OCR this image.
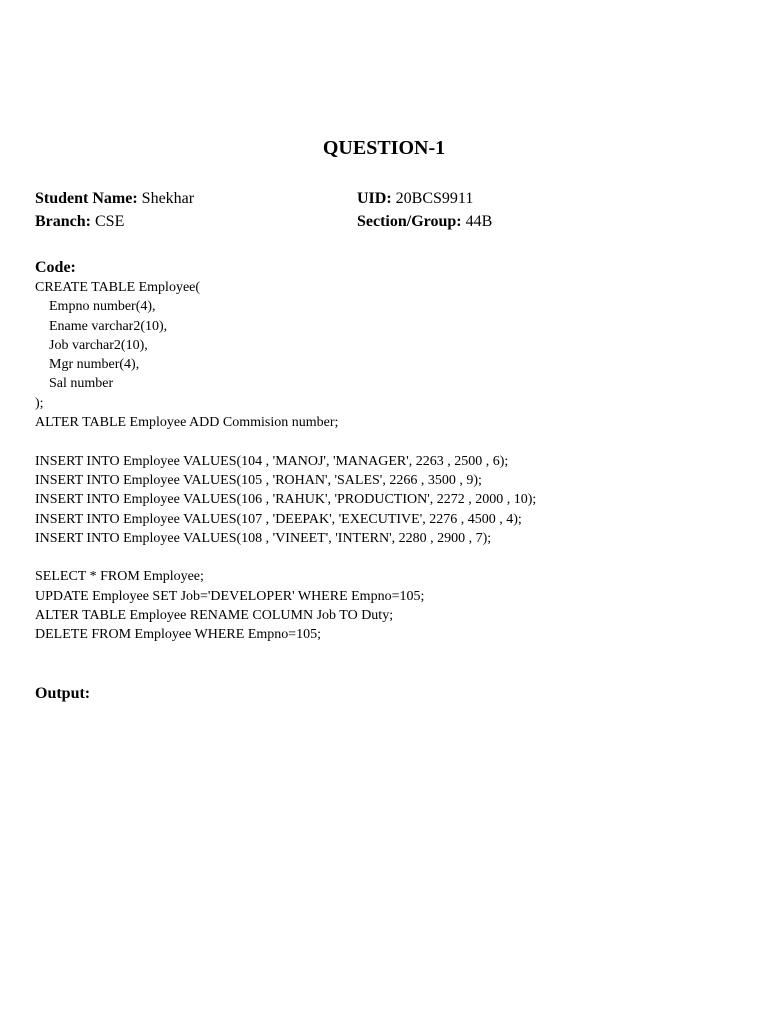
QUESTION-1
Student Name: Shekhar	UID: 20BCS9911
Branch: CSE	Section/Group: 44B
Code:
CREATE TABLE Employee(
Empno number(4),
Ename varchar2(10),
Job varchar2(10),
Mgr number(4),
Sal number
);
ALTER TABLE Employee ADD Commision number;
INSERT INTO Employee VALUES(104 , 'MANOJ', 'MANAGER', 2263 , 2500 , 6);
INSERT INTO Employee VALUES(105 , 'ROHAN', 'SALES', 2266 , 3500 , 9);
INSERT INTO Employee VALUES(106 , 'RAHUK', 'PRODUCTION', 2272 , 2000 , 10);
INSERT INTO Employee VALUES(107 , 'DEEPAK', 'EXECUTIVE', 2276 , 4500 , 4);
INSERT INTO Employee VALUES(108 , 'VINEET', 'INTERN', 2280 , 2900 , 7);
SELECT * FROM Employee;
UPDATE Employee SET Job='DEVELOPER' WHERE Empno=105;
ALTER TABLE Employee RENAME COLUMN Job TO Duty;
DELETE FROM Employee WHERE Empno=105;
Output:
